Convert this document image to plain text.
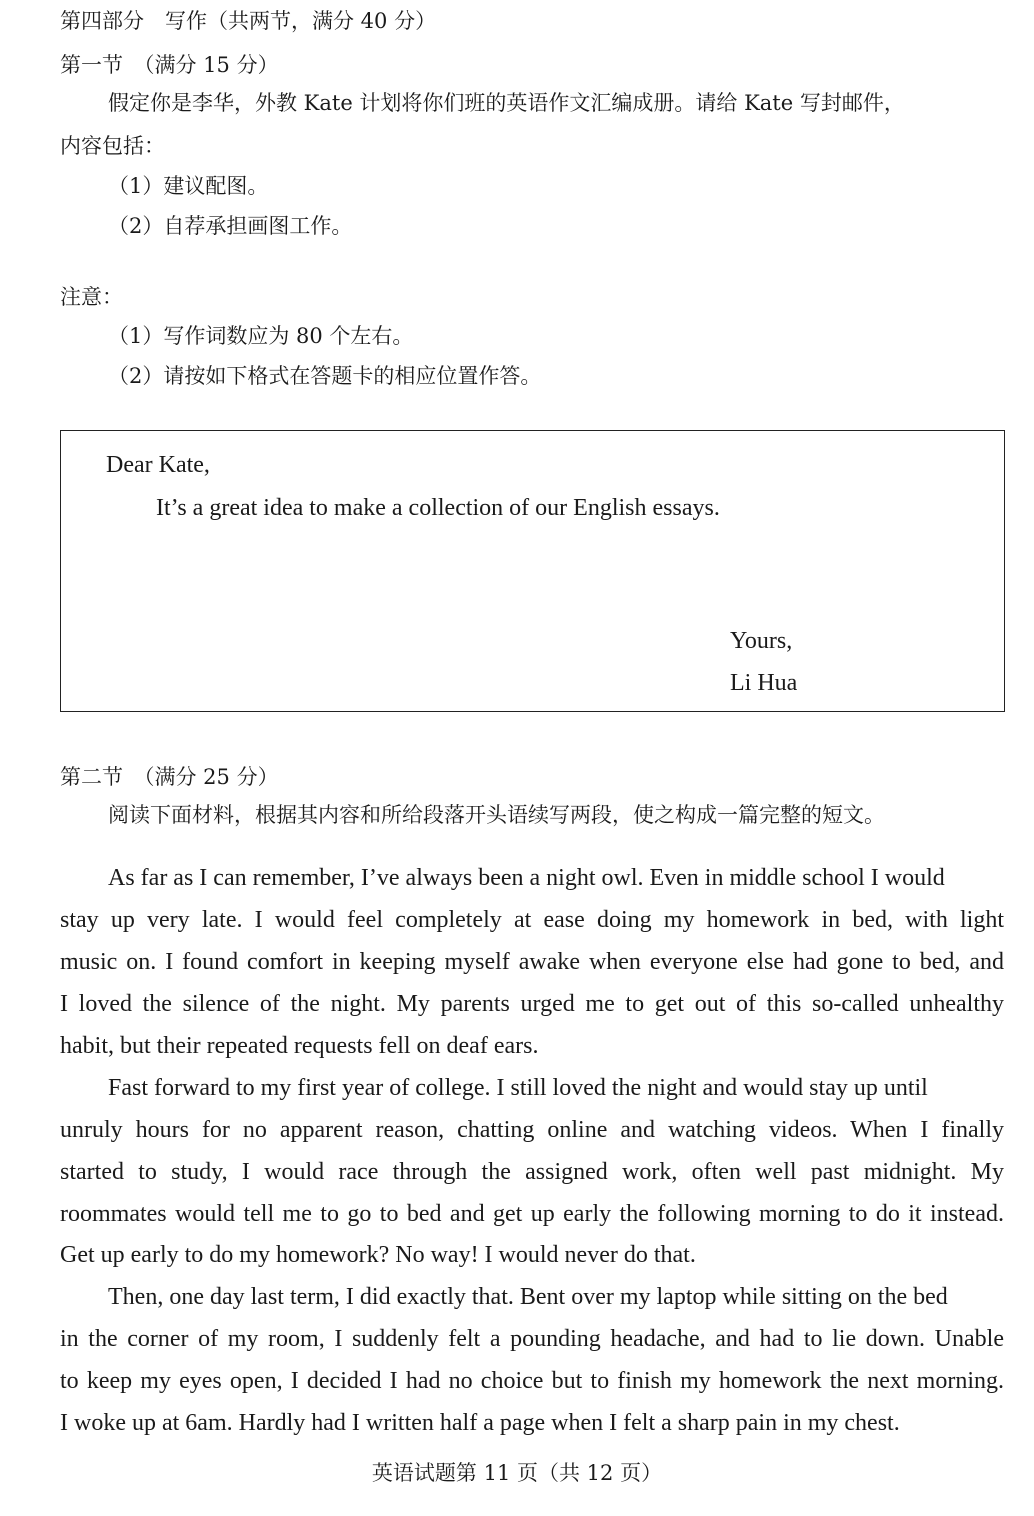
第四部分　写作（共两节，满分 40 分）
第一节　（满分 15 分）
假定你是李华，外教 Kate 计划将你们班的英语作文汇编成册。请给 Kate 写封邮件，
内容包括：
（1）建议配图。
（2）自荐承担画图工作。
注意：
（1）写作词数应为 80 个左右。
（2）请按如下格式在答题卡的相应位置作答。
Dear Kate,
It’s a great idea to make a collection of our English essays.
Yours,
Li Hua
第二节　（满分 25 分）
阅读下面材料，根据其内容和所给段落开头语续写两段，使之构成一篇完整的短文。
As far as I can remember, I’ve always been a night owl. Even in middle school I would
stay up very late. I would feel completely at ease doing my homework in bed, with light
music on. I found comfort in keeping myself awake when everyone else had gone to bed, and
I loved the silence of the night. My parents urged me to get out of this so-called unhealthy
habit, but their repeated requests fell on deaf ears.
Fast forward to my first year of college. I still loved the night and would stay up until
unruly hours for no apparent reason, chatting online and watching videos. When I finally
started to study, I would race through the assigned work, often well past midnight. My
roommates would tell me to go to bed and get up early the following morning to do it instead.
Get up early to do my homework? No way! I would never do that.
Then, one day last term, I did exactly that. Bent over my laptop while sitting on the bed
in the corner of my room, I suddenly felt a pounding headache, and had to lie down. Unable
to keep my eyes open, I decided I had no choice but to finish my homework the next morning.
I woke up at 6am. Hardly had I written half a page when I felt a sharp pain in my chest.
英语试题第 11 页（共 12 页）
